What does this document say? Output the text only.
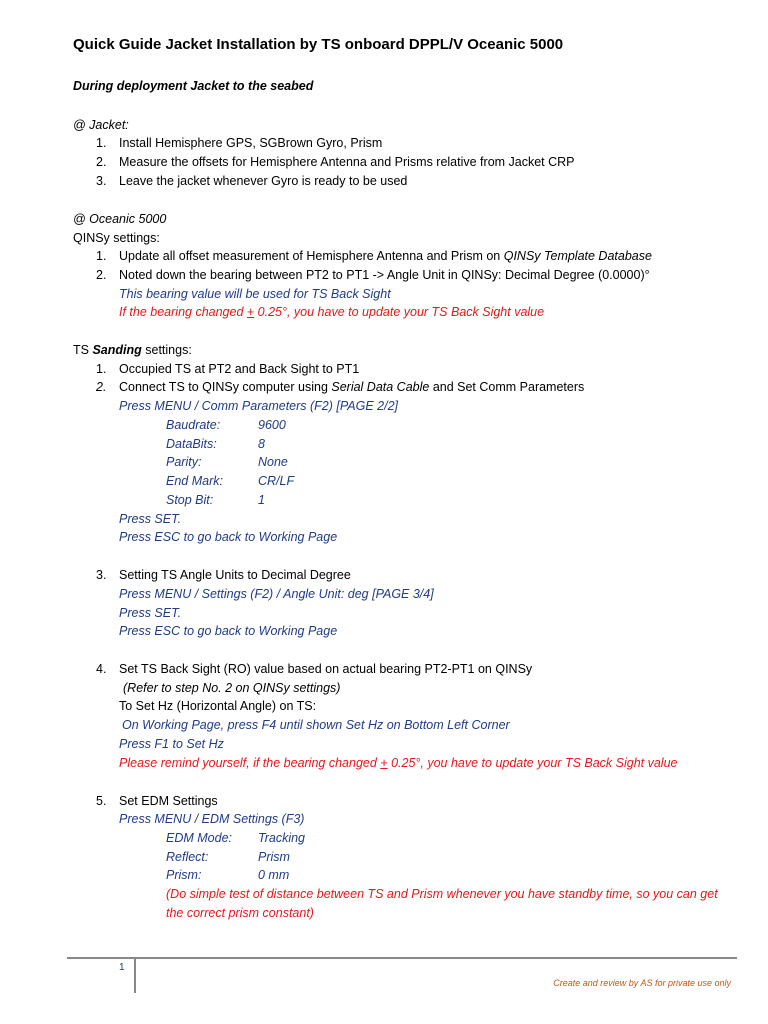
Quick Guide Jacket Installation by TS onboard DPPL/V Oceanic 5000
During deployment Jacket to the seabed
@ Jacket:
1. Install Hemisphere GPS, SGBrown Gyro, Prism
2. Measure the offsets for Hemisphere Antenna and Prisms relative from Jacket CRP
3. Leave the jacket whenever Gyro is ready to be used
@ Oceanic 5000
QINSy settings:
1. Update all offset measurement of Hemisphere Antenna and Prism on QINSy Template Database
2. Noted down the bearing between PT2 to PT1 -> Angle Unit in QINSy: Decimal Degree (0.0000)°
This bearing value will be used for TS Back Sight
If the bearing changed + 0.25°, you have to update your TS Back Sight value
TS Sanding settings:
1. Occupied TS at PT2 and Back Sight to PT1
2. Connect TS to QINSy computer using Serial Data Cable and Set Comm Parameters
Press MENU / Comm Parameters (F2) [PAGE 2/2]
Baudrate:	9600
DataBits:	8
Parity:	None
End Mark:	CR/LF
Stop Bit:	1
Press SET.
Press ESC to go back to Working Page
3. Setting TS Angle Units to Decimal Degree
Press MENU / Settings (F2) / Angle Unit: deg [PAGE 3/4]
Press SET.
Press ESC to go back to Working Page
4. Set TS Back Sight (RO) value based on actual bearing PT2-PT1 on QINSy
(Refer to step No. 2 on QINSy settings)
To Set Hz (Horizontal Angle) on TS:
On Working Page, press F4 until shown Set Hz on Bottom Left Corner
Press F1 to Set Hz
Please remind yourself, if the bearing changed + 0.25°, you have to update your TS Back Sight value
5. Set EDM Settings
Press MENU / EDM Settings (F3)
EDM Mode: Tracking
Reflect:	Prism
Prism:	0 mm
(Do simple test of distance between TS and Prism whenever you have standby time, so you can get
the correct prism constant)
1
Create and review by AS for private use only
